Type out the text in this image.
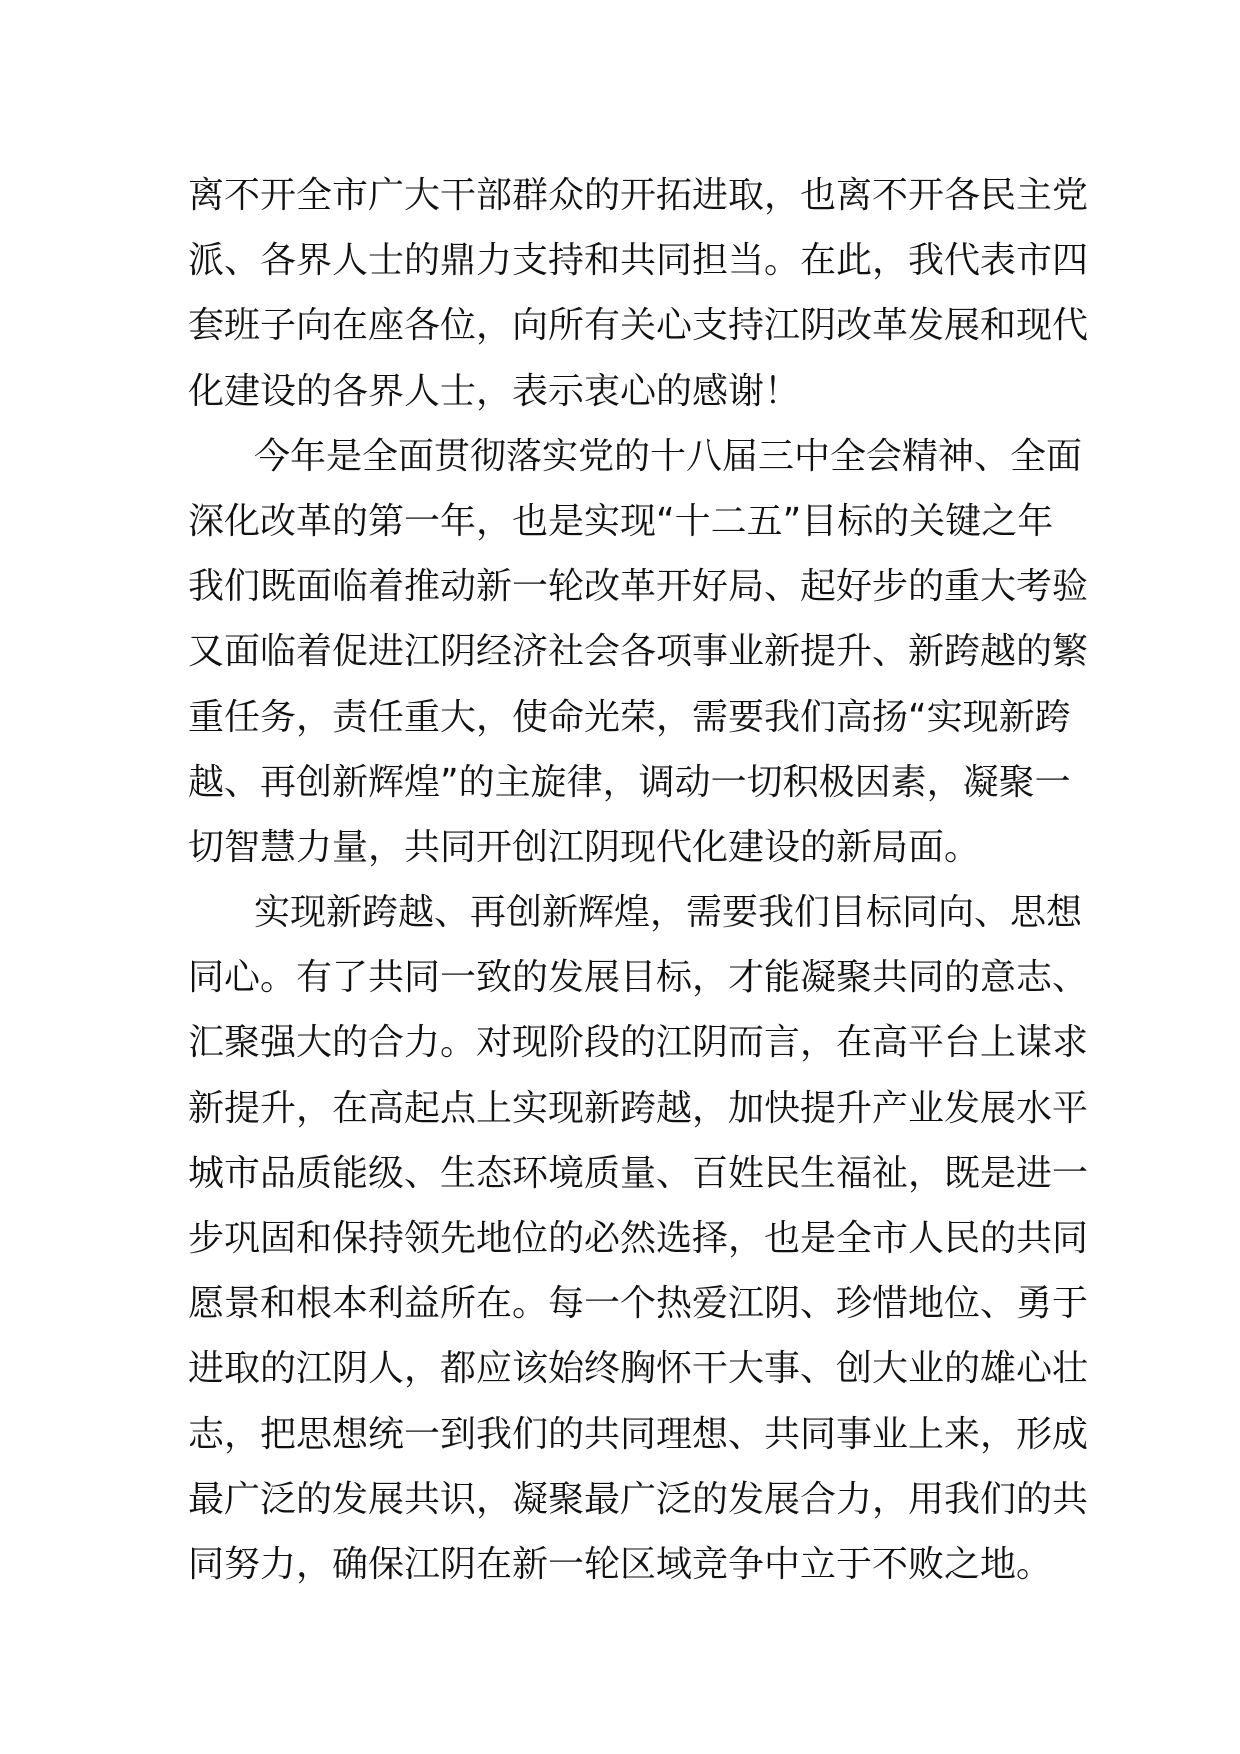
离不开全市广大干部群众的开拓进取，也离不开各民主党
派、各界人士的鼎力支持和共同担当。在此，我代表市四
套班子向在座各位，向所有关心支持江阴改革发展和现代
化建设的各界人士，表示衷心的感谢！
今年是全面贯彻落实党的十八届三中全会精神、全面
深化改革的第一年，也是实现“十二五”目标的关键之年
我们既面临着推动新一轮改革开好局、起好步的重大考验
又面临着促进江阴经济社会各项事业新提升、新跨越的繁
重任务，责任重大，使命光荣，需要我们高扬“实现新跨
越、再创新辉煌”的主旋律，调动一切积极因素，凝聚一
切智慧力量，共同开创江阴现代化建设的新局面。
实现新跨越、再创新辉煌，需要我们目标同向、思想
同心。有了共同一致的发展目标，才能凝聚共同的意志、
汇聚强大的合力。对现阶段的江阴而言，在高平台上谋求
新提升，在高起点上实现新跨越，加快提升产业发展水平
城市品质能级、生态环境质量、百姓民生福祉，既是进一
步巩固和保持领先地位的必然选择，也是全市人民的共同
愿景和根本利益所在。每一个热爱江阴、珍惜地位、勇于
进取的江阴人，都应该始终胸怀干大事、创大业的雄心壮
志，把思想统一到我们的共同理想、共同事业上来，形成
最广泛的发展共识，凝聚最广泛的发展合力，用我们的共
同努力，确保江阴在新一轮区域竞争中立于不败之地。
